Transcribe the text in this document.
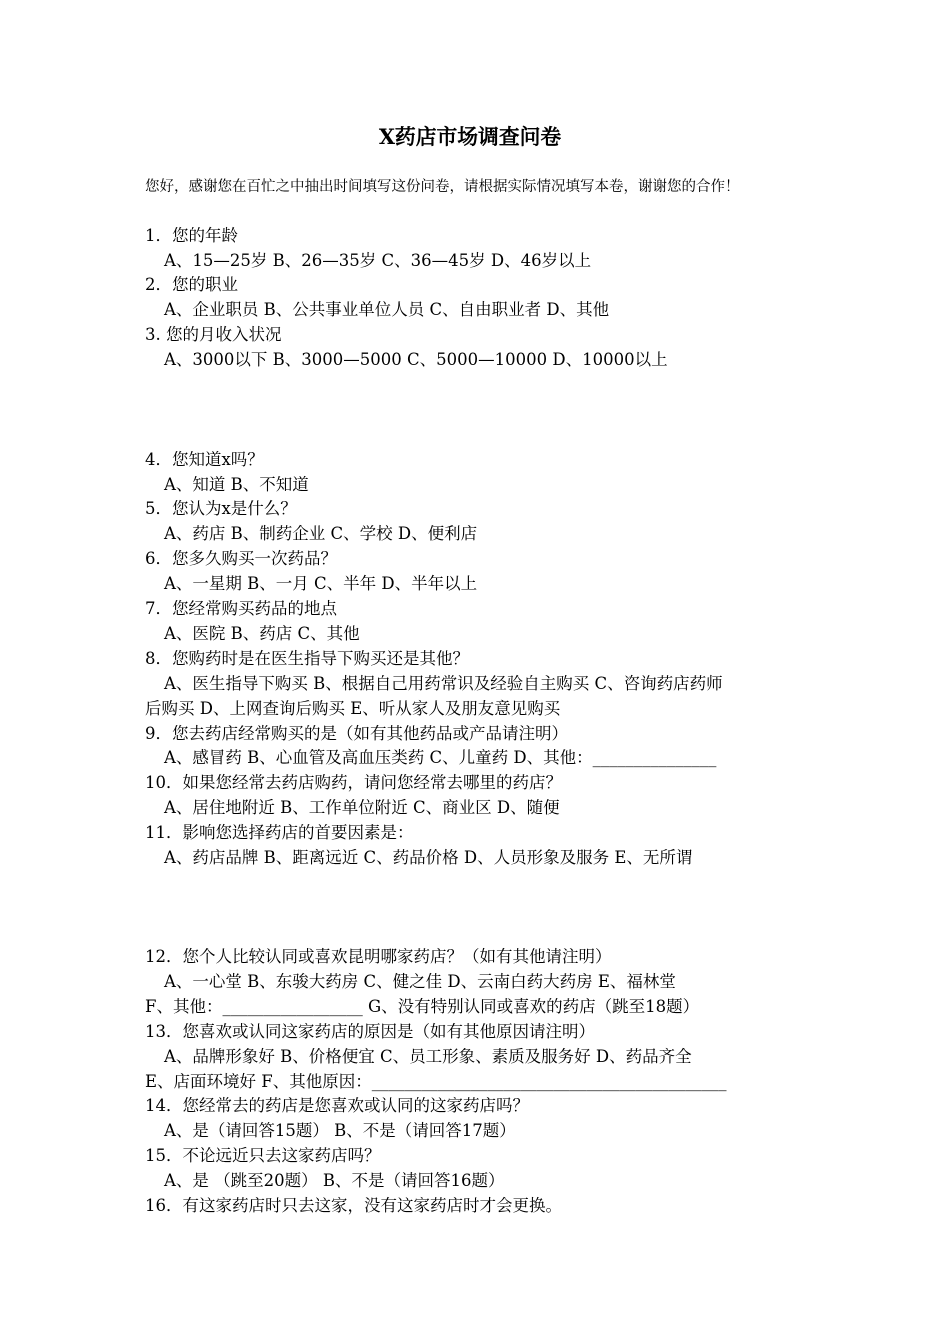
X药店市场调查问卷
您好，感谢您在百忙之中抽出时间填写这份问卷，请根据实际情况填写本卷，谢谢您的合作！
1．您的年龄
A、15—25岁 B、26—35岁 C、36—45岁 D、46岁以上
2．您的职业
A、企业职员 B、公共事业单位人员 C、自由职业者 D、其他
3. 您的月收入状况
A、3000以下 B、3000—5000 C、5000—10000 D、10000以上
4．您知道x吗？
A、知道 B、不知道
5．您认为x是什么？
A、药店 B、制药企业 C、学校 D、便利店
6．您多久购买一次药品？
A、一星期 B、一月 C、半年 D、半年以上
7．您经常购买药品的地点
A、医院 B、药店 C、其他
8．您购药时是在医生指导下购买还是其他？
A、医生指导下购买 B、根据自己用药常识及经验自主购买 C、咨询药店药师
后购买 D、上网查询后购买 E、听从家人及朋友意见购买
9．您去药店经常购买的是（如有其他药品或产品请注明）
A、感冒药 B、心血管及高血压类药 C、儿童药 D、其他：_______________
10．如果您经常去药店购药，请问您经常去哪里的药店？
A、居住地附近 B、工作单位附近 C、商业区 D、随便
11．影响您选择药店的首要因素是：
A、药店品牌 B、距离远近 C、药品价格 D、人员形象及服务 E、无所谓
12．您个人比较认同或喜欢昆明哪家药店？（如有其他请注明）
A、一心堂 B、东骏大药房 C、健之佳 D、云南白药大药房 E、福林堂
F、其他：_________________ G、没有特别认同或喜欢的药店（跳至18题）
13．您喜欢或认同这家药店的原因是（如有其他原因请注明）
A、品牌形象好 B、价格便宜 C、员工形象、素质及服务好 D、药品齐全
E、店面环境好 F、其他原因：___________________________________________
14．您经常去的药店是您喜欢或认同的这家药店吗？
A、是（请回答15题） B、不是（请回答17题）
15．不论远近只去这家药店吗？
A、是 （跳至20题） B、不是（请回答16题）
16．有这家药店时只去这家，没有这家药店时才会更换。
